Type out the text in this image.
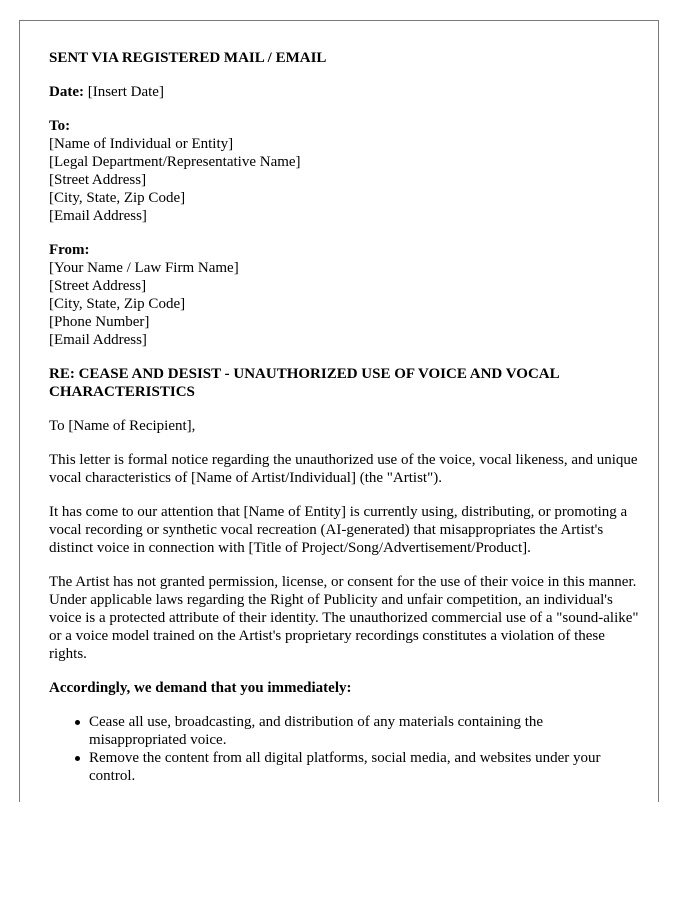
SENT VIA REGISTERED MAIL / EMAIL
Date: [Insert Date]
To:
[Name of Individual or Entity]
[Legal Department/Representative Name]
[Street Address]
[City, State, Zip Code]
[Email Address]
From:
[Your Name / Law Firm Name]
[Street Address]
[City, State, Zip Code]
[Phone Number]
[Email Address]
RE: CEASE AND DESIST - UNAUTHORIZED USE OF VOICE AND VOCAL CHARACTERISTICS
To [Name of Recipient],
This letter is formal notice regarding the unauthorized use of the voice, vocal likeness, and unique vocal characteristics of [Name of Artist/Individual] (the "Artist").
It has come to our attention that [Name of Entity] is currently using, distributing, or promoting a vocal recording or synthetic vocal recreation (AI-generated) that misappropriates the Artist's distinct voice in connection with [Title of Project/Song/Advertisement/Product].
The Artist has not granted permission, license, or consent for the use of their voice in this manner. Under applicable laws regarding the Right of Publicity and unfair competition, an individual's voice is a protected attribute of their identity. The unauthorized commercial use of a "sound-alike" or a voice model trained on the Artist's proprietary recordings constitutes a violation of these rights.
Accordingly, we demand that you immediately:
Cease all use, broadcasting, and distribution of any materials containing the misappropriated voice.
Remove the content from all digital platforms, social media, and websites under your control.
